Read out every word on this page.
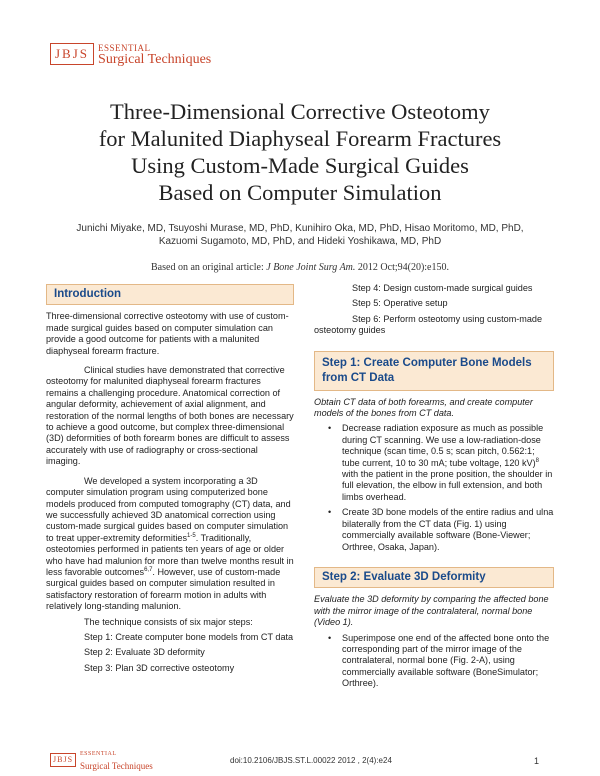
JBJS	ESSENTIAL
Surgical Techniques
Three-Dimensional Corrective Osteotomy
for Malunited Diaphyseal Forearm Fractures
Using Custom-Made Surgical Guides
Based on Computer Simulation
Junichi Miyake, MD, Tsuyoshi Murase, MD, PhD, Kunihiro Oka, MD, PhD, Hisao Moritomo, MD, PhD,
Kazuomi Sugamoto, MD, PhD, and Hideki Yoshikawa, MD, PhD
Based on an original article: J Bone Joint Surg Am. 2012 Oct;94(20):e150.
Introduction

Three-dimensional corrective osteotomy with use of custom-made surgical guides based on computer simulation can provide a good outcome for patients with a malunited diaphyseal forearm fracture.

Clinical studies have demonstrated that corrective osteotomy for malunited diaphyseal forearm fractures remains a challenging procedure. Anatomical correction of angular deformity, achievement of axial alignment, and restoration of the normal lengths of both bones are necessary to achieve a good outcome, but complex three-dimensional (3D) deformities of both forearm bones are difficult to assess accurately with use of radiography or cross-sectional imaging.

We developed a system incorporating a 3D computer simulation program using computerized bone models produced from computed tomography (CT) data, and we successfully achieved 3D anatomical correction using custom-made surgical guides based on computer simulation to treat upper-extremity deformities$^{1-5}$. Traditionally, osteotomies performed in patients ten years of age or older who have had malunion for more than twelve months result in less favorable outcomes$^{6,7}$. However, use of custom-made surgical guides based on computer simulation resulted in satisfactory restoration of forearm motion in adults with relatively long-standing malunion.

The technique consists of six major steps:

Step 1: Create computer bone models from CT data

Step 2: Evaluate 3D deformity

Step 3: Plan 3D corrective osteotomy

Step 4: Design custom-made surgical guides

Step 5: Operative setup

Step 6: Perform osteotomy using custom-made osteotomy guides

Step 1: Create Computer Bone Models from CT Data

Obtain CT data of both forearms, and create computer models of the bones from CT data.

• Decrease radiation exposure as much as possible during CT scanning. We use a low-radiation-dose technique (scan time, 0.5 s; scan pitch, 0.562:1; tube current, 10 to 30 mA; tube voltage, 120 kV)$^8$ with the patient in the prone position, the shoulder in full elevation, the elbow in full extension, and both limbs overhead.
• Create 3D bone models of the entire radius and ulna bilaterally from the CT data (Fig. 1) using commercially available software (Bone-Viewer; Orthree, Osaka, Japan).
Step 2: Evaluate 3D Deformity

Evaluate the 3D deformity by comparing the affected bone with the mirror image of the contralateral, normal bone (Video 1).

• Superimpose one end of the affected bone onto the corresponding part of the mirror image of the contralateral, normal bone (Fig. 2-A), using commercially available software (BoneSimulator; Orthree).
JBJS
ESSENTIAL
Surgical Techniques
doi:10.2106/JBJS.ST.L.00022 2012 , 2(4):e24	1
